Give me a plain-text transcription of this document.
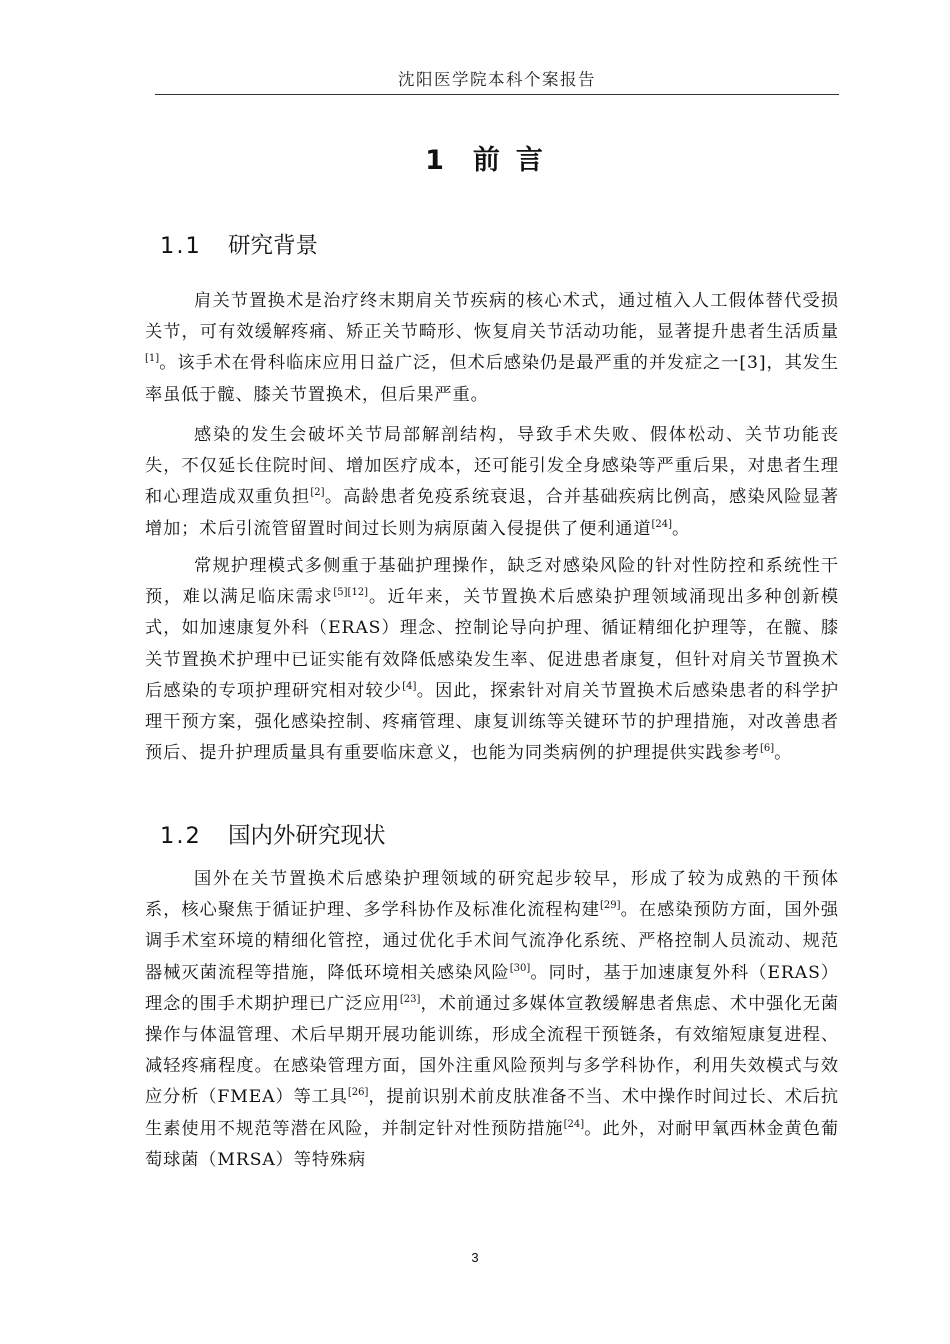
沈阳医学院本科个案报告
1 前言
1.1 研究背景

肩关节置换术是治疗终末期肩关节疾病的核心术式，通过植入人工假体替代受损关节，可有效缓解疼痛、矫正关节畸形、恢复肩关节活动功能，显著提升患者生活质量[1]。该手术在骨科临床应用日益广泛，但术后感染仍是最严重的并发症之一[3]，其发生率虽低于髋、膝关节置换术，但后果严重。

感染的发生会破坏关节局部解剖结构，导致手术失败、假体松动、关节功能丧失，不仅延长住院时间、增加医疗成本，还可能引发全身感染等严重后果，对患者生理和心理造成双重负担[2]。高龄患者免疫系统衰退，合并基础疾病比例高，感染风险显著增加；术后引流管留置时间过长则为病原菌入侵提供了便利通道[24]。

常规护理模式多侧重于基础护理操作，缺乏对感染风险的针对性防控和系统性干预，难以满足临床需求[5][12]。近年来，关节置换术后感染护理领域涌现出多种创新模式，如加速康复外科（ERAS）理念、控制论导向护理、循证精细化护理等，在髋、膝关节置换术护理中已证实能有效降低感染发生率、促进患者康复，但针对肩关节置换术后感染的专项护理研究相对较少[4]。因此，探索针对肩关节置换术后感染患者的科学护理干预方案，强化感染控制、疼痛管理、康复训练等关键环节的护理措施，对改善患者预后、提升护理质量具有重要临床意义，也能为同类病例的护理提供实践参考[6]。

1.2 国内外研究现状

国外在关节置换术后感染护理领域的研究起步较早，形成了较为成熟的干预体系，核心聚焦于循证护理、多学科协作及标准化流程构建[29]。在感染预防方面，国外强调手术室环境的精细化管控，通过优化手术间气流净化系统、严格控制人员流动、规范器械灭菌流程等措施，降低环境相关感染风险[30]。同时，基于加速康复外科（ERAS）理念的围手术期护理已广泛应用[23]，术前通过多媒体宣教缓解患者焦虑、术中强化无菌操作与体温管理、术后早期开展功能训练，形成全流程干预链条，有效缩短康复进程、减轻疼痛程度。在感染管理方面，国外注重风险预判与多学科协作，利用失效模式与效应分析（FMEA）等工具[26]，提前识别术前皮肤准备不当、术中操作时间过长、术后抗生素使用不规范等潜在风险，并制定针对性预防措施[24]。此外，对耐甲氧西林金黄色葡萄球菌（MRSA）等特殊病

3
